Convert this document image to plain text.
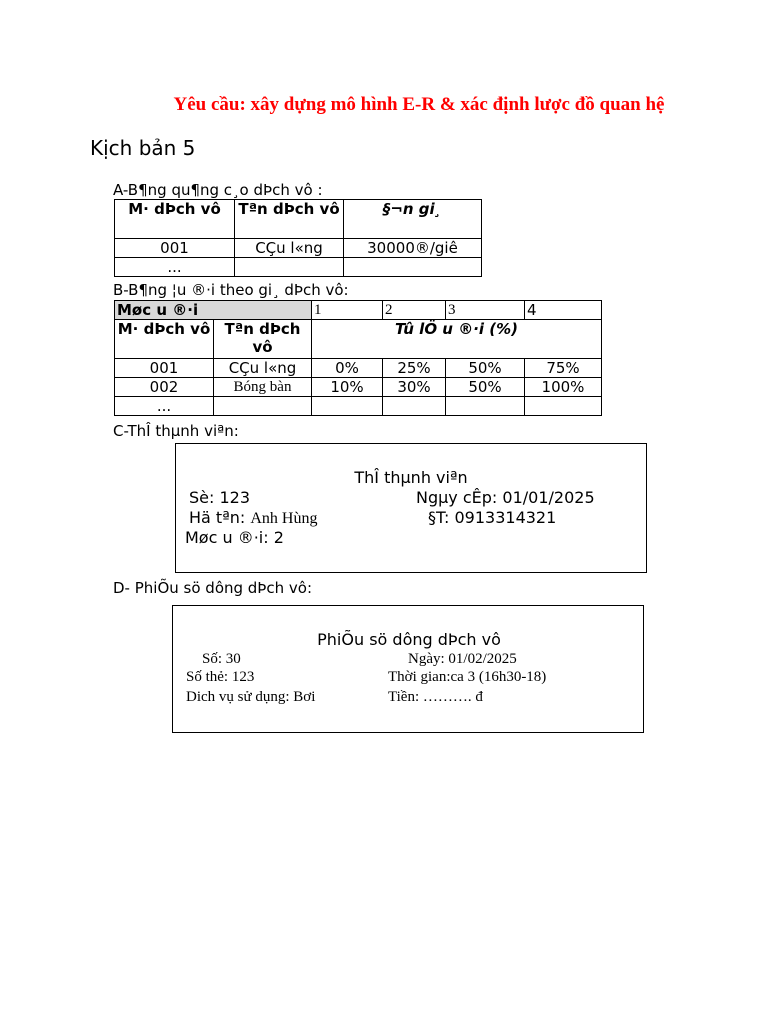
Yêu cầu: xây dựng mô hình E-R & xác định lược đồ quan hệ
Kịch bản 5
A-B¶ng qu¶ng c¸o dÞch vô :
M· dÞch vô	Tªn dÞch vô	§¬n gi¸
001	CÇu l«ng	30000®/giê
...		
B-B¶ng ¦u ®·i theo gi¸ dÞch vô:
Møc u ®·i		1	2	3	4
M· dÞch vô	Tªn dÞch vô	Tû lÖ u ®·i (%)			
001	CÇu l«ng	0%	25%	50%	75%
002	Bóng bàn	10%	30%	50%	100%
...					
C-ThÎ thµnh viªn:
ThÎ thµnh viªn
Sè: 123	Ngµy cÊp: 01/01/2025
Hä tªn: Anh Hùng	§T: 0913314321
Møc u ®·i: 2
D- PhiÕu sö dông dÞch vô:
PhiÕu sö dông dÞch vô
Số: 30	Ngày: 01/02/2025
Số thẻ: 123	Thời gian:ca 3 (16h30-18)
Dich vụ sử dụng: Bơi	Tiền: ………. đ
